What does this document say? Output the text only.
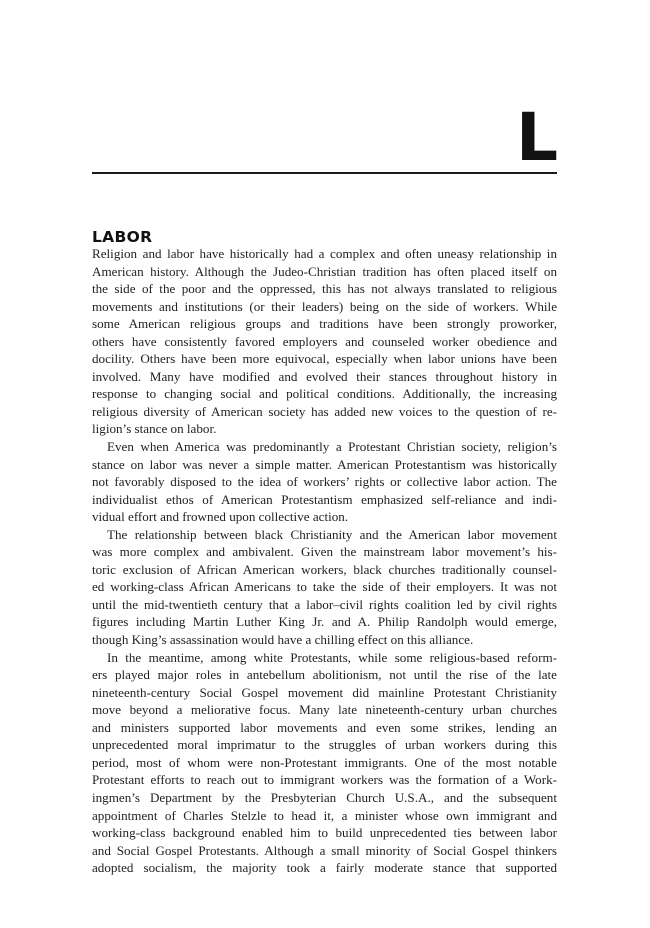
L
LABOR
Religion and labor have historically had a complex and often uneasy relationship in
American history. Although the Judeo-Christian tradition has often placed itself on
the side of the poor and the oppressed, this has not always translated to religious
movements and institutions (or their leaders) being on the side of workers. While
some American religious groups and traditions have been strongly proworker,
others have consistently favored employers and counseled worker obedience and
docility. Others have been more equivocal, especially when labor unions have been
involved. Many have modified and evolved their stances throughout history in
response to changing social and political conditions. Additionally, the increasing
religious diversity of American society has added new voices to the question of re-
ligion’s stance on labor.
Even when America was predominantly a Protestant Christian society, religion’s
stance on labor was never a simple matter. American Protestantism was historically
not favorably disposed to the idea of workers’ rights or collective labor action. The
individualist ethos of American Protestantism emphasized self-reliance and indi-
vidual effort and frowned upon collective action.
The relationship between black Christianity and the American labor movement
was more complex and ambivalent. Given the mainstream labor movement’s his-
toric exclusion of African American workers, black churches traditionally counsel-
ed working-class African Americans to take the side of their employers. It was not
until the mid-twentieth century that a labor–civil rights coalition led by civil rights
figures including Martin Luther King Jr. and A. Philip Randolph would emerge,
though King’s assassination would have a chilling effect on this alliance.
In the meantime, among white Protestants, while some religious-based reform-
ers played major roles in antebellum abolitionism, not until the rise of the late
nineteenth-century Social Gospel movement did mainline Protestant Christianity
move beyond a meliorative focus. Many late nineteenth-century urban churches
and ministers supported labor movements and even some strikes, lending an
unprecedented moral imprimatur to the struggles of urban workers during this
period, most of whom were non-Protestant immigrants. One of the most notable
Protestant efforts to reach out to immigrant workers was the formation of a Work-
ingmen’s Department by the Presbyterian Church U.S.A., and the subsequent
appointment of Charles Stelzle to head it, a minister whose own immigrant and
working-class background enabled him to build unprecedented ties between labor
and Social Gospel Protestants. Although a small minority of Social Gospel thinkers
adopted socialism, the majority took a fairly moderate stance that supported
